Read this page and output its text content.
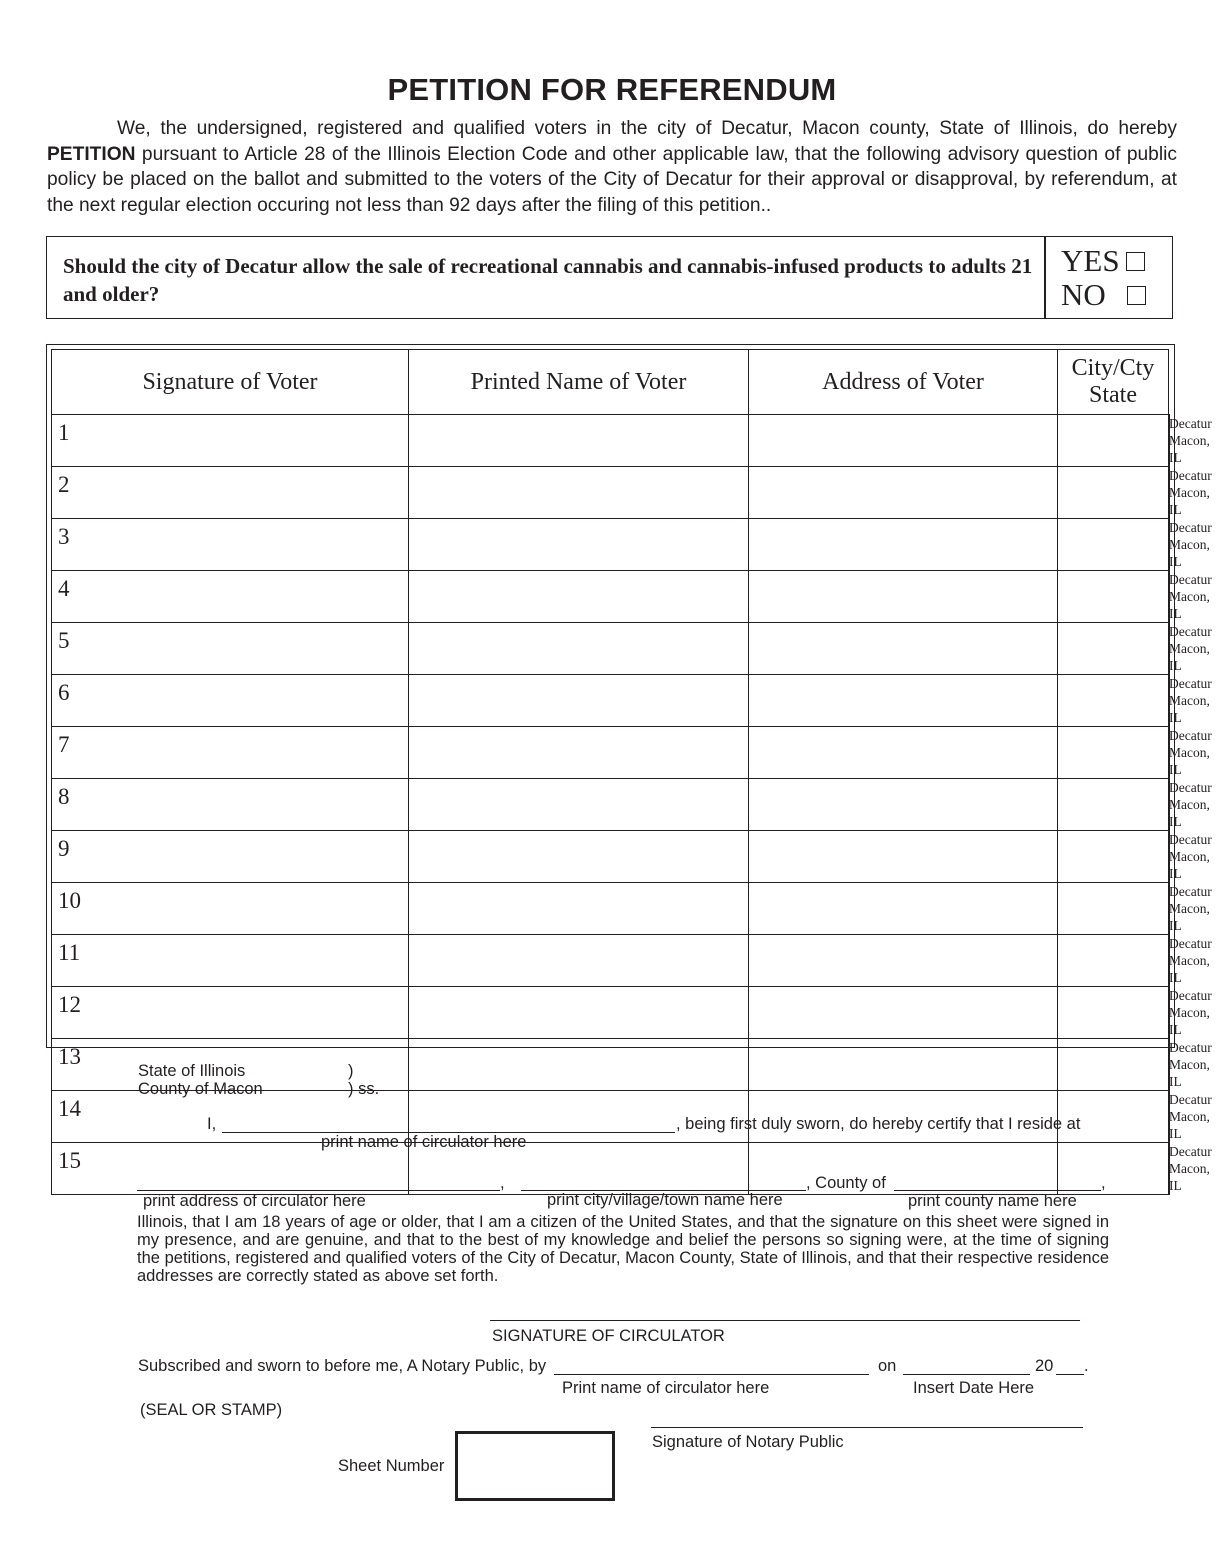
PETITION FOR REFERENDUM
We, the undersigned, registered and qualified voters in the city of Decatur, Macon county, State of Illinois, do hereby PETITION pursuant to Article 28 of the Illinois Election Code and other applicable law, that the following advisory question of public policy be placed on the ballot and submitted to the voters of the City of Decatur for their approval or disapproval, by referendum, at the next regular election occuring not less than 92 days after the filing of this petition..
Should the city of Decatur allow the sale of recreational cannabis and cannabis-infused products to adults 21 and older?
YES
NO
Signature of Voter	Printed Name of Voter	Address of Voter	City/Cty
State	
1				Decatur
Macon, IL
2				Decatur
Macon, IL
3				Decatur
Macon, IL
4				Decatur
Macon, IL
5				Decatur
Macon, IL
6				Decatur
Macon, IL
7				Decatur
Macon, IL
8				Decatur
Macon, IL
9				Decatur
Macon, IL
10				Decatur
Macon, IL
11				Decatur
Macon, IL
12				Decatur
Macon, IL
13				Decatur
Macon, IL
14				Decatur
Macon, IL
15				Decatur
Macon, IL
State of Illinois
County of Macon
)
) ss.
I,	, being first duly sworn, do hereby certify that I reside at
print name of circulator here
,	, County of	,
print address of circulator here	print city/village/town name here	print county name here
Illinois, that I am 18 years of age or older, that I am a citizen of the United States, and that the signature on this sheet were signed in my presence, and are genuine, and that to the best of my knowledge and belief the persons so signing were, at the time of signing the petitions, registered and qualified voters of the City of Decatur, Macon County, State of Illinois, and that their respective residence addresses are correctly stated as above set forth.
SIGNATURE OF CIRCULATOR
Subscribed and sworn to before me, A Notary Public, by	on	20 .
Print name of circulator here	Insert Date Here
(SEAL OR STAMP)
Signature of Notary Public
Sheet Number
